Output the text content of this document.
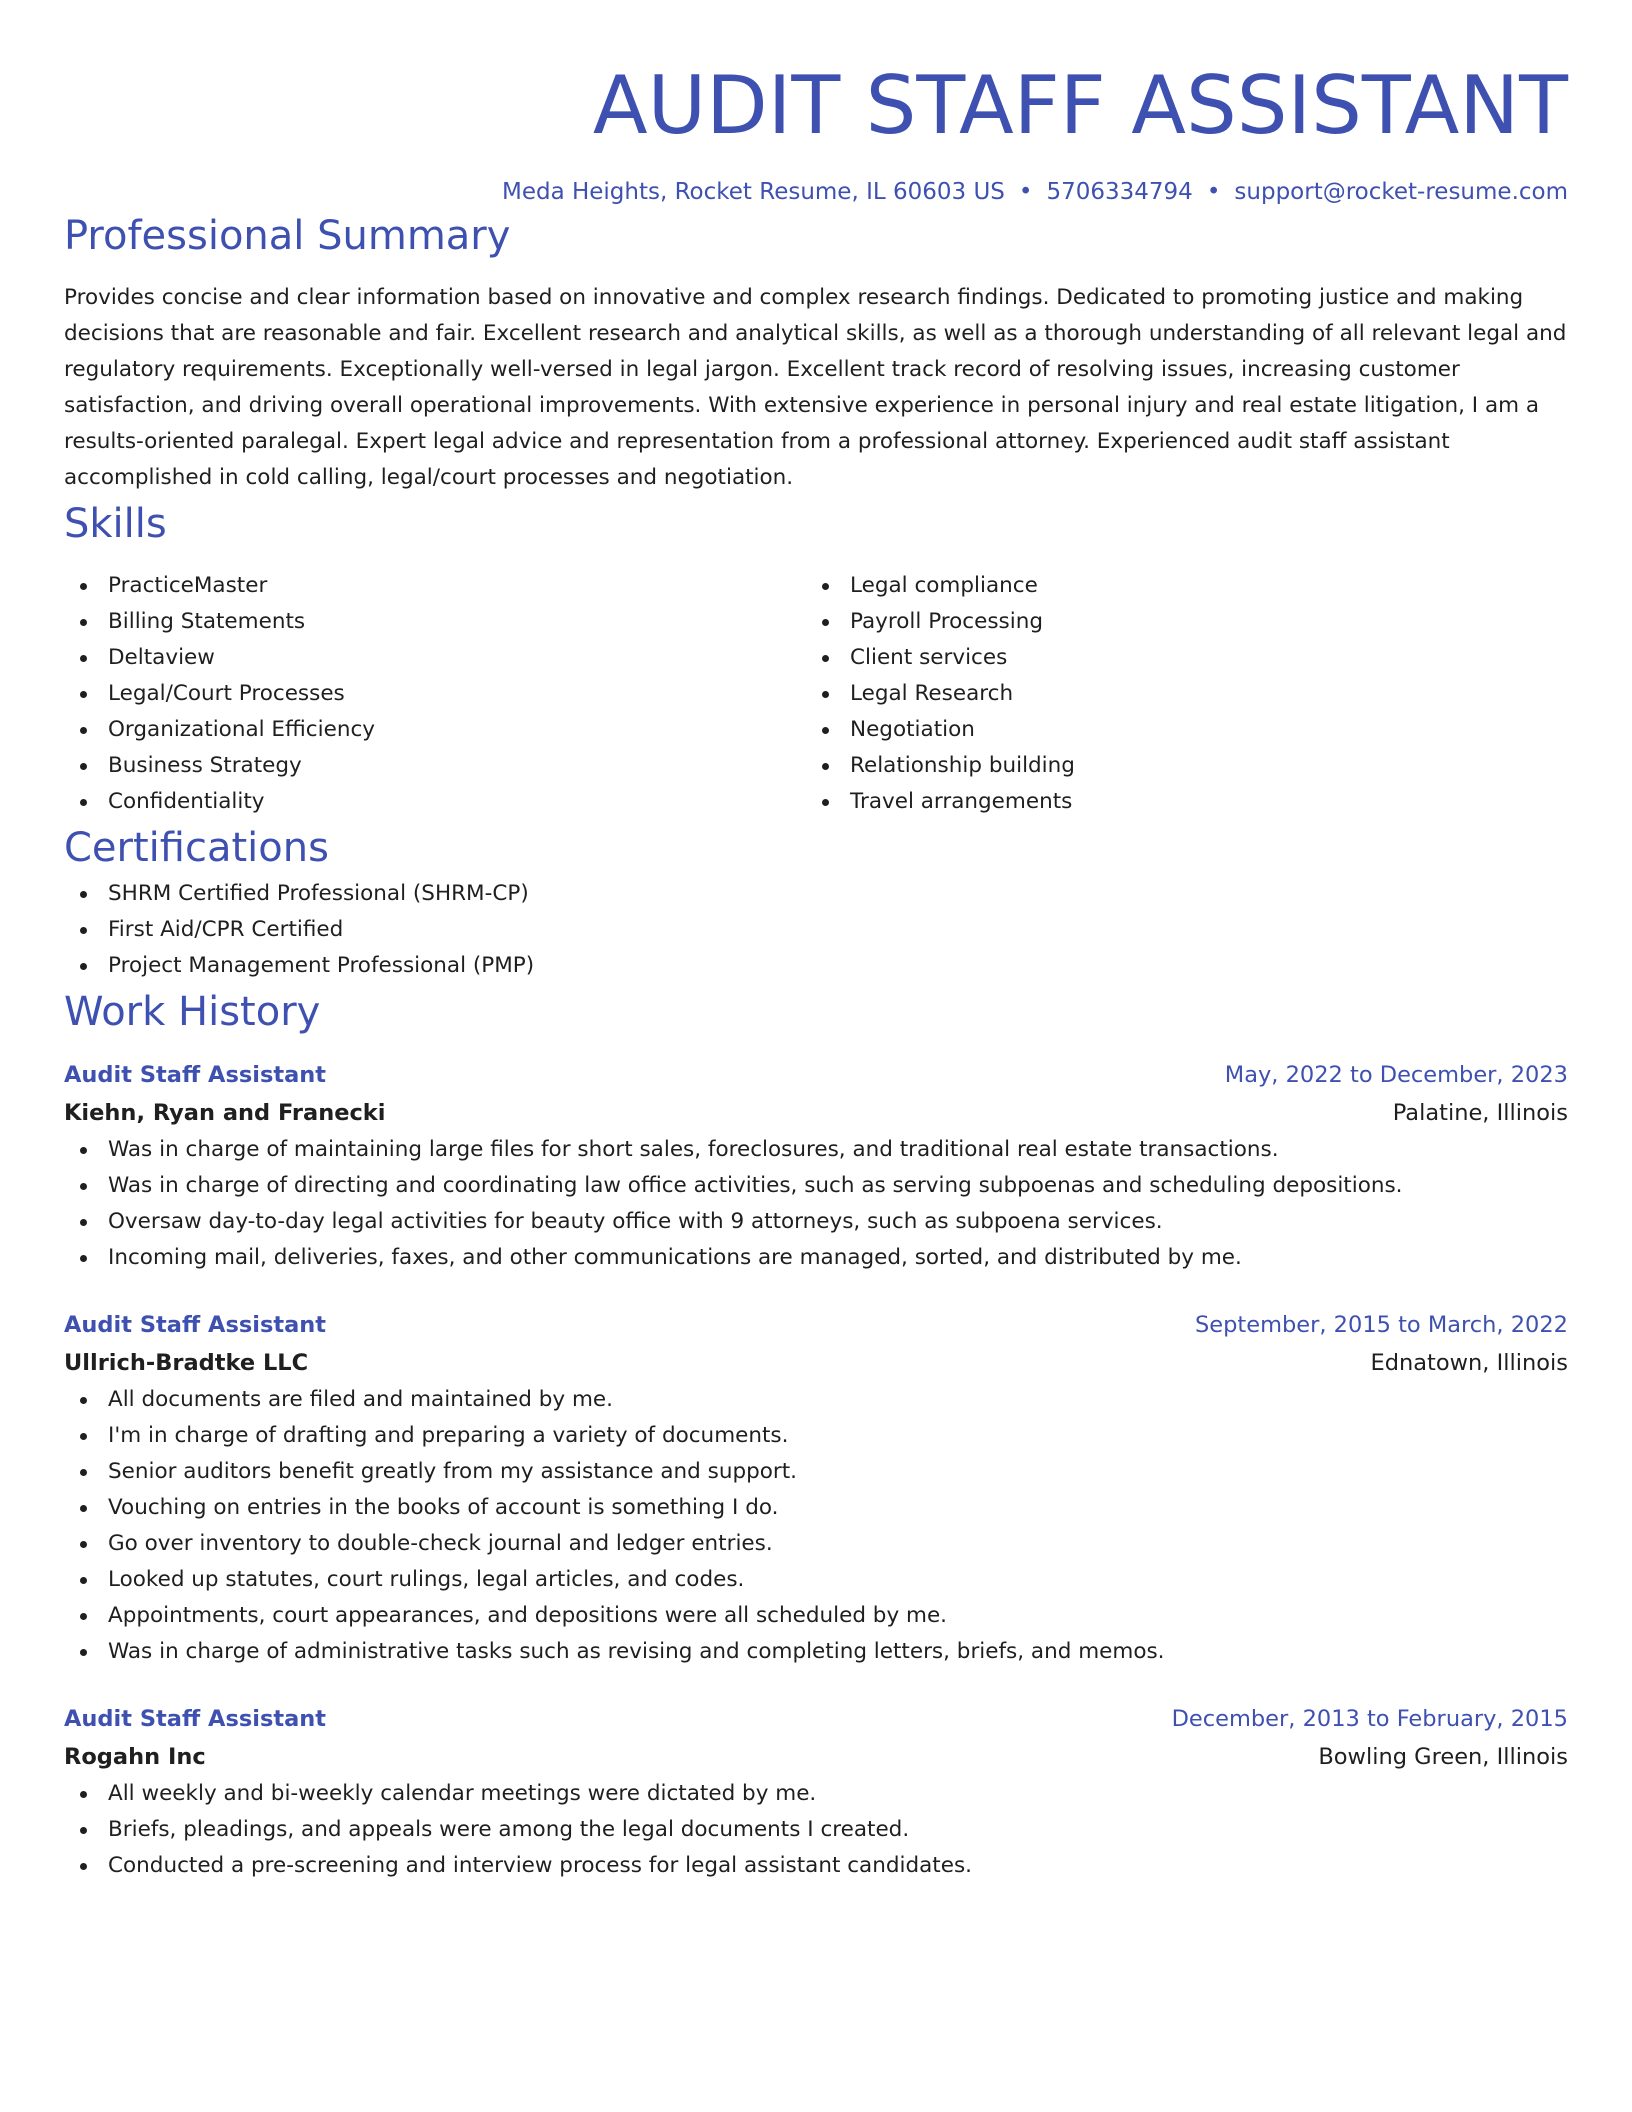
AUDIT STAFF ASSISTANT
Meda Heights, Rocket Resume, IL 60603 US • 5706334794 • support@rocket-resume.com
Professional Summary
Provides concise and clear information based on innovative and complex research findings. Dedicated to promoting justice and making decisions that are reasonable and fair. Excellent research and analytical skills, as well as a thorough understanding of all relevant legal and regulatory requirements. Exceptionally well-versed in legal jargon. Excellent track record of resolving issues, increasing customer satisfaction, and driving overall operational improvements. With extensive experience in personal injury and real estate litigation, I am a results-oriented paralegal. Expert legal advice and representation from a professional attorney. Experienced audit staff assistant accomplished in cold calling, legal/court processes and negotiation.
Skills
PracticeMaster
Billing Statements
Deltaview
Legal/Court Processes
Organizational Efficiency
Business Strategy
Confidentiality
Legal compliance
Payroll Processing
Client services
Legal Research
Negotiation
Relationship building
Travel arrangements
Certifications
SHRM Certified Professional (SHRM-CP)
First Aid/CPR Certified
Project Management Professional (PMP)
Work History
Audit Staff Assistant	May, 2022 to December, 2023
Kiehn, Ryan and Franecki	Palatine, Illinois
Was in charge of maintaining large files for short sales, foreclosures, and traditional real estate transactions.
Was in charge of directing and coordinating law office activities, such as serving subpoenas and scheduling depositions.
Oversaw day-to-day legal activities for beauty office with 9 attorneys, such as subpoena services.
Incoming mail, deliveries, faxes, and other communications are managed, sorted, and distributed by me.
Audit Staff Assistant	September, 2015 to March, 2022
Ullrich-Bradtke LLC	Ednatown, Illinois
All documents are filed and maintained by me.
I'm in charge of drafting and preparing a variety of documents.
Senior auditors benefit greatly from my assistance and support.
Vouching on entries in the books of account is something I do.
Go over inventory to double-check journal and ledger entries.
Looked up statutes, court rulings, legal articles, and codes.
Appointments, court appearances, and depositions were all scheduled by me.
Was in charge of administrative tasks such as revising and completing letters, briefs, and memos.
Audit Staff Assistant	December, 2013 to February, 2015
Rogahn Inc	Bowling Green, Illinois
All weekly and bi-weekly calendar meetings were dictated by me.
Briefs, pleadings, and appeals were among the legal documents I created.
Conducted a pre-screening and interview process for legal assistant candidates.
